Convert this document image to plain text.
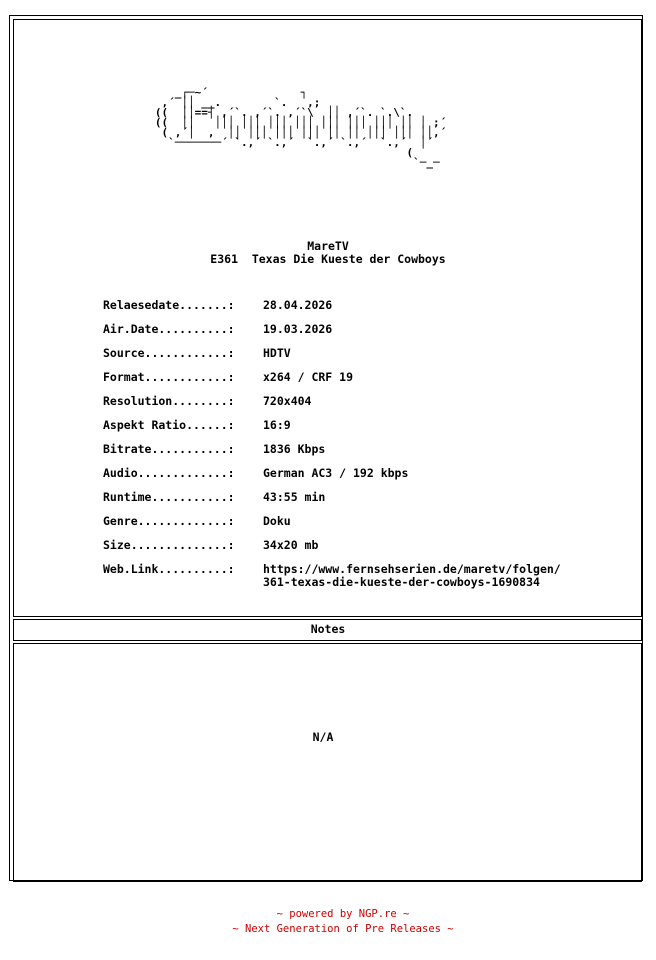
_┌─~´              ┐
,´ ││ __.        `.   ,;
((  ││==┤ ,´`. ,´`. ,´`\  ││ ,´`. `.\`.
((  ││   │││ │││ │││ │││ │││ │││ │││ ││ │ ;´
( ,´│  ,  ││ │││ │││ │││ ││ ││ │││ │││ ││,´
`───────´ `.,´ `.,´  `.,´ `.,´  `.,´  │´
(
`─_─
MareTV
E361  Texas Die Kueste der Cowboys
Relaesedate.......:	28.04.2026
Air.Date..........:	19.03.2026
Source............:	HDTV
Format............:	x264 / CRF 19
Resolution........:	720x404
Aspekt Ratio......:	16:9
Bitrate...........:	1836 Kbps
Audio.............:	German AC3 / 192 kbps
Runtime...........:	43:55 min
Genre.............:	Doku
Size..............:	34x20 mb
Web.Link..........:	https://www.fernsehserien.de/maretv/folgen/
361-texas-die-kueste-der-cowboys-1690834
Notes
N/A
~ powered by NGP.re ~
~ Next Generation of Pre Releases ~
